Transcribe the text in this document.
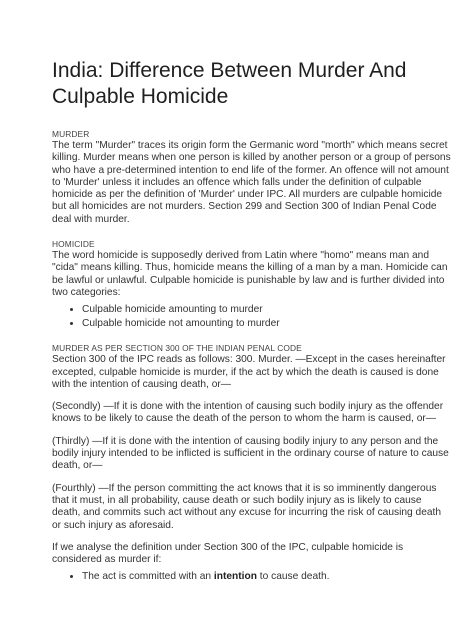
India: Difference Between Murder And Culpable Homicide

MURDER

The term "Murder" traces its origin form the Germanic word "morth" which means secret killing. Murder means when one person is killed by another person or a group of persons who have a pre-determined intention to end life of the former. An offence will not amount to 'Murder' unless it includes an offence which falls under the definition of culpable homicide as per the definition of 'Murder' under IPC. All murders are culpable homicide but all homicides are not murders. Section 299 and Section 300 of Indian Penal Code deal with murder.

HOMICIDE

The word homicide is supposedly derived from Latin where "homo" means man and "cida" means killing. Thus, homicide means the killing of a man by a man. Homicide can be lawful or unlawful. Culpable homicide is punishable by law and is further divided into two categories:

• Culpable homicide amounting to murder
• Culpable homicide not amounting to murder

MURDER AS PER SECTION 300 OF THE INDIAN PENAL CODE

Section 300 of the IPC reads as follows: 300. Murder. —Except in the cases hereinafter excepted, culpable homicide is murder, if the act by which the death is caused is done with the intention of causing death, or—

(Secondly) —If it is done with the intention of causing such bodily injury as the offender knows to be likely to cause the death of the person to whom the harm is caused, or—

(Thirdly) —If it is done with the intention of causing bodily injury to any person and the bodily injury intended to be inflicted is sufficient in the ordinary course of nature to cause death, or—

(Fourthly) —If the person committing the act knows that it is so imminently dangerous that it must, in all probability, cause death or such bodily injury as is likely to cause death, and commits such act without any excuse for incurring the risk of causing death or such injury as aforesaid.

If we analyse the definition under Section 300 of the IPC, culpable homicide is considered as murder if:

• The act is committed with an intention to cause death.
